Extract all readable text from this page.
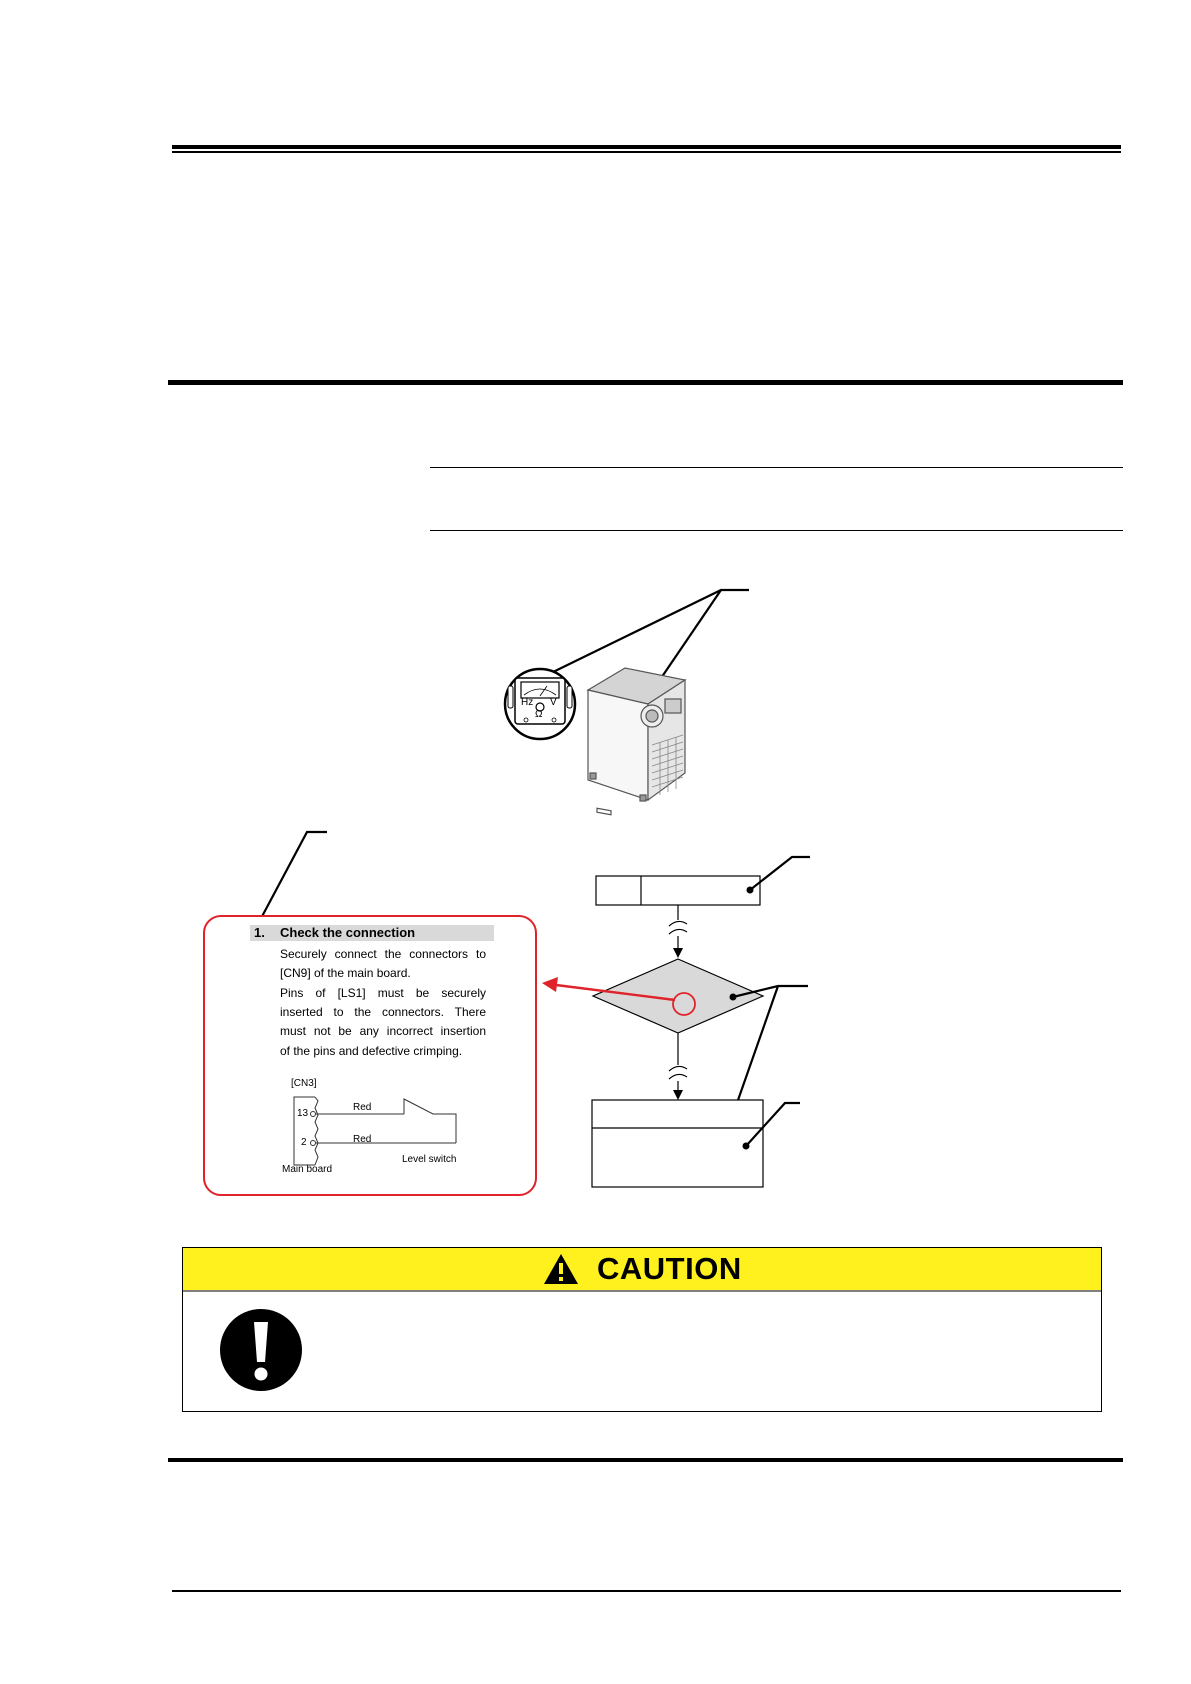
Hz V
Ω
1. Check the connection
Securely connect the connectors to
[CN9] of the main board.
Pins of [LS1] must be securely
inserted to the connectors. There
must not be any incorrect insertion
of the pins and defective crimping.
[CN3]
13
2
Red
Red
Main board
Level switch
CAUTION
